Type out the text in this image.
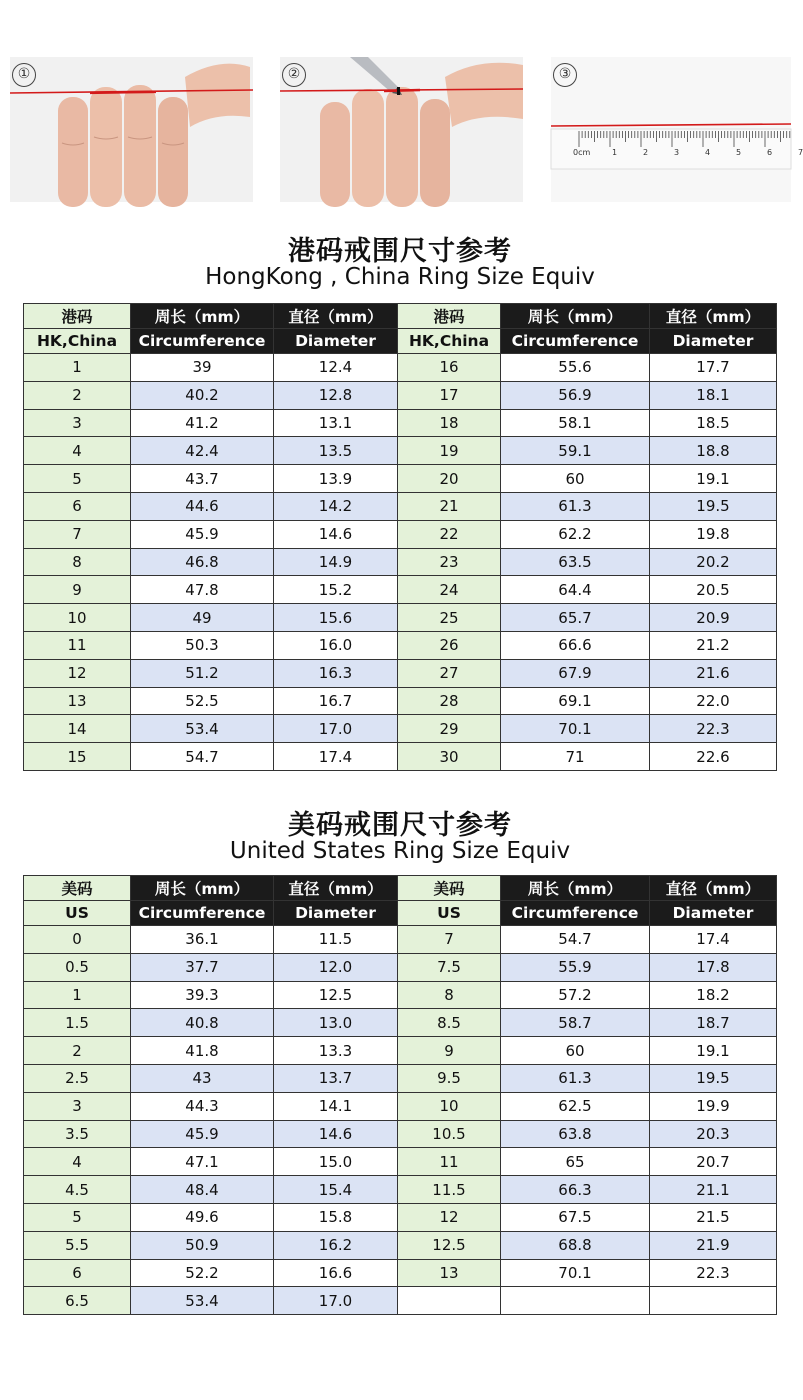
①	②
0cm	1	2	3	4	5	6	7
③
港码戒围尺寸参考
HongKong , China Ring Size Equiv
港码	周长（mm）	直径（mm）	港码	周长（mm）	直径（mm）
HK,China	Circumference	Diameter	HK,China	Circumference	Diameter
1	39	12.4	16	55.6	17.7
2	40.2	12.8	17	56.9	18.1
3	41.2	13.1	18	58.1	18.5
4	42.4	13.5	19	59.1	18.8
5	43.7	13.9	20	60	19.1
6	44.6	14.2	21	61.3	19.5
7	45.9	14.6	22	62.2	19.8
8	46.8	14.9	23	63.5	20.2
9	47.8	15.2	24	64.4	20.5
10	49	15.6	25	65.7	20.9
11	50.3	16.0	26	66.6	21.2
12	51.2	16.3	27	67.9	21.6
13	52.5	16.7	28	69.1	22.0
14	53.4	17.0	29	70.1	22.3
15	54.7	17.4	30	71	22.6
美码戒围尺寸参考
United States Ring Size Equiv
美码	周长（mm）	直径（mm）	美码	周长（mm）	直径（mm）
US	Circumference	Diameter	US	Circumference	Diameter
0	36.1	11.5	7	54.7	17.4
0.5	37.7	12.0	7.5	55.9	17.8
1	39.3	12.5	8	57.2	18.2
1.5	40.8	13.0	8.5	58.7	18.7
2	41.8	13.3	9	60	19.1
2.5	43	13.7	9.5	61.3	19.5
3	44.3	14.1	10	62.5	19.9
3.5	45.9	14.6	10.5	63.8	20.3
4	47.1	15.0	11	65	20.7
4.5	48.4	15.4	11.5	66.3	21.1
5	49.6	15.8	12	67.5	21.5
5.5	50.9	16.2	12.5	68.8	21.9
6	52.2	16.6	13	70.1	22.3
6.5	53.4	17.0			
